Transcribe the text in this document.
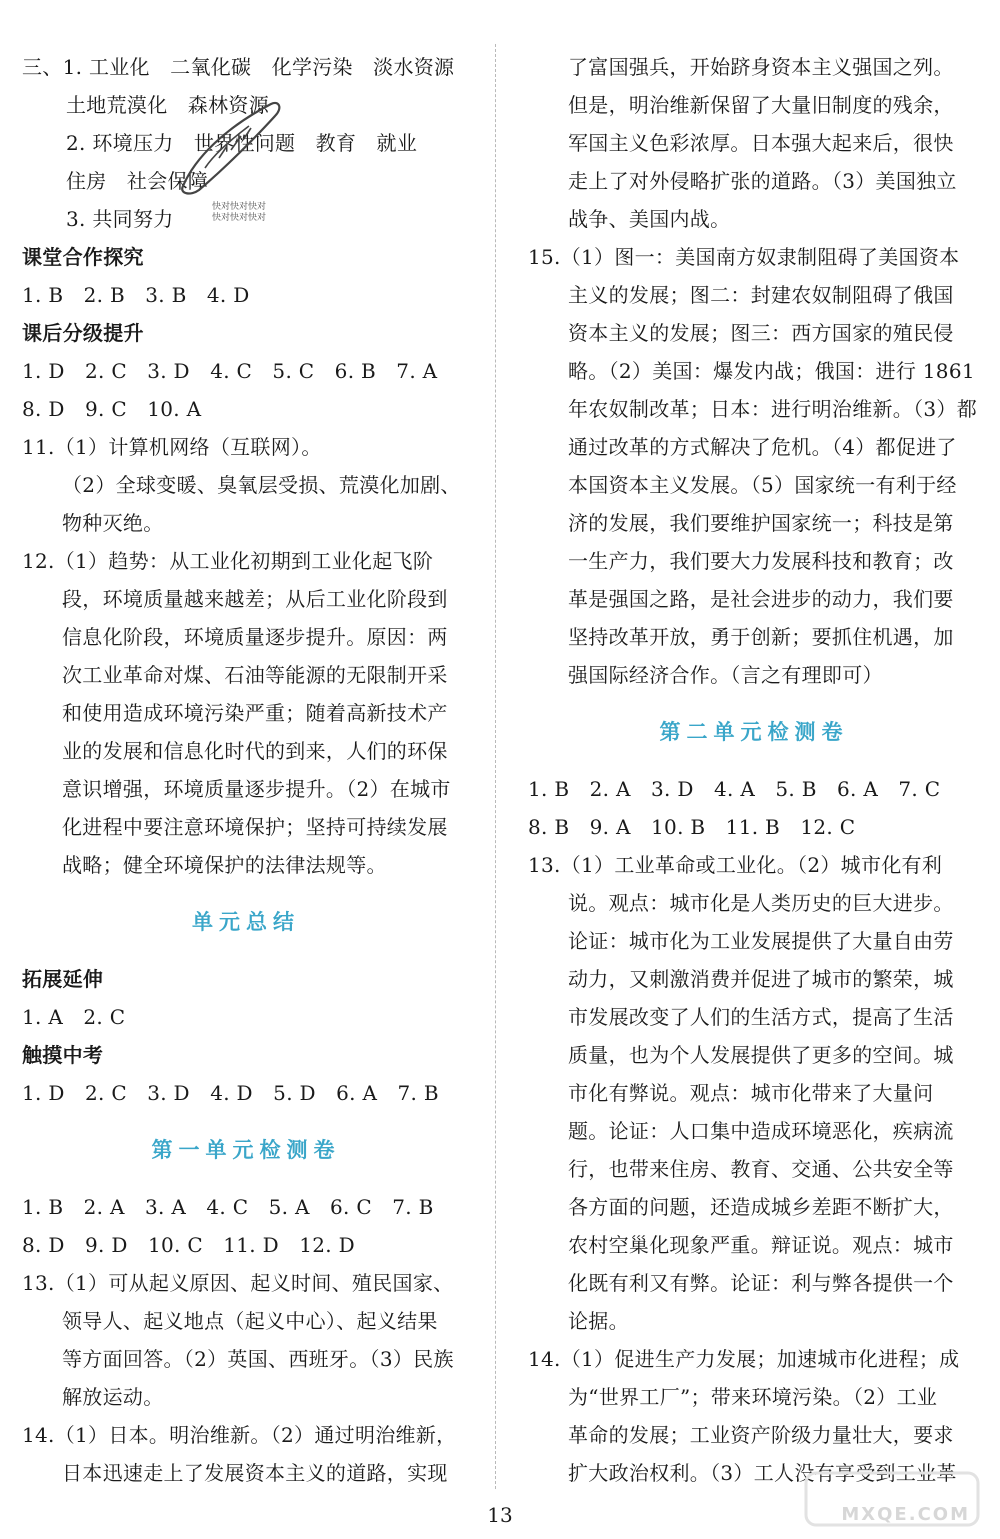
三、1. 工业化　二氧化碳　化学污染　淡水资源
土地荒漠化　森林资源
2. 环境压力　世界性问题　教育　就业
住房　社会保障
3. 共同努力
课堂合作探究
1. B　2. B　3. B　4. D
课后分级提升
1. D　2. C　3. D　4. C　5. C　6. B　7. A
8. D　9. C　10. A
11.（1）计算机网络（互联网）。
（2）全球变暖、臭氧层受损、荒漠化加剧、
物种灭绝。
12.（1）趋势：从工业化初期到工业化起飞阶
段，环境质量越来越差；从后工业化阶段到
信息化阶段，环境质量逐步提升。原因：两
次工业革命对煤、石油等能源的无限制开采
和使用造成环境污染严重；随着高新技术产
业的发展和信息化时代的到来，人们的环保
意识增强，环境质量逐步提升。（2）在城市
化进程中要注意环境保护；坚持可持续发展
战略；健全环境保护的法律法规等。
单元总结
拓展延伸
1. A　2. C
触摸中考
1. D　2. C　3. D　4. D　5. D　6. A　7. B
第一单元检测卷
1. B　2. A　3. A　4. C　5. A　6. C　7. B
8. D　9. D　10. C　11. D　12. D
13.（1）可从起义原因、起义时间、殖民国家、
领导人、起义地点（起义中心）、起义结果
等方面回答。（2）英国、西班牙。（3）民族
解放运动。
14.（1）日本。明治维新。（2）通过明治维新，
日本迅速走上了发展资本主义的道路，实现
了富国强兵，开始跻身资本主义强国之列。
但是，明治维新保留了大量旧制度的残余，
军国主义色彩浓厚。日本强大起来后，很快
走上了对外侵略扩张的道路。（3）美国独立
战争、美国内战。
15.（1）图一：美国南方奴隶制阻碍了美国资本
主义的发展；图二：封建农奴制阻碍了俄国
资本主义的发展；图三：西方国家的殖民侵
略。（2）美国：爆发内战；俄国：进行 1861
年农奴制改革；日本：进行明治维新。（3）都
通过改革的方式解决了危机。（4）都促进了
本国资本主义发展。（5）国家统一有利于经
济的发展，我们要维护国家统一；科技是第
一生产力，我们要大力发展科技和教育；改
革是强国之路，是社会进步的动力，我们要
坚持改革开放，勇于创新；要抓住机遇，加
强国际经济合作。（言之有理即可）
第二单元检测卷
1. B　2. A　3. D　4. A　5. B　6. A　7. C
8. B　9. A　10. B　11. B　12. C
13.（1）工业革命或工业化。（2）城市化有利
说。观点：城市化是人类历史的巨大进步。
论证：城市化为工业发展提供了大量自由劳
动力，又刺激消费并促进了城市的繁荣，城
市发展改变了人们的生活方式，提高了生活
质量，也为个人发展提供了更多的空间。城
市化有弊说。观点：城市化带来了大量问
题。论证：人口集中造成环境恶化，疾病流
行，也带来住房、教育、交通、公共安全等
各方面的问题，还造成城乡差距不断扩大，
农村空巢化现象严重。辩证说。观点：城市
化既有利又有弊。论证：利与弊各提供一个
论据。
14.（1）促进生产力发展；加速城市化进程；成
为“世界工厂”；带来环境污染。（2）工业
革命的发展；工业资产阶级力量壮大，要求
扩大政治权利。（3）工人没有享受到工业革
快对快对快对
快对快对快对
MXQE.COM
13
